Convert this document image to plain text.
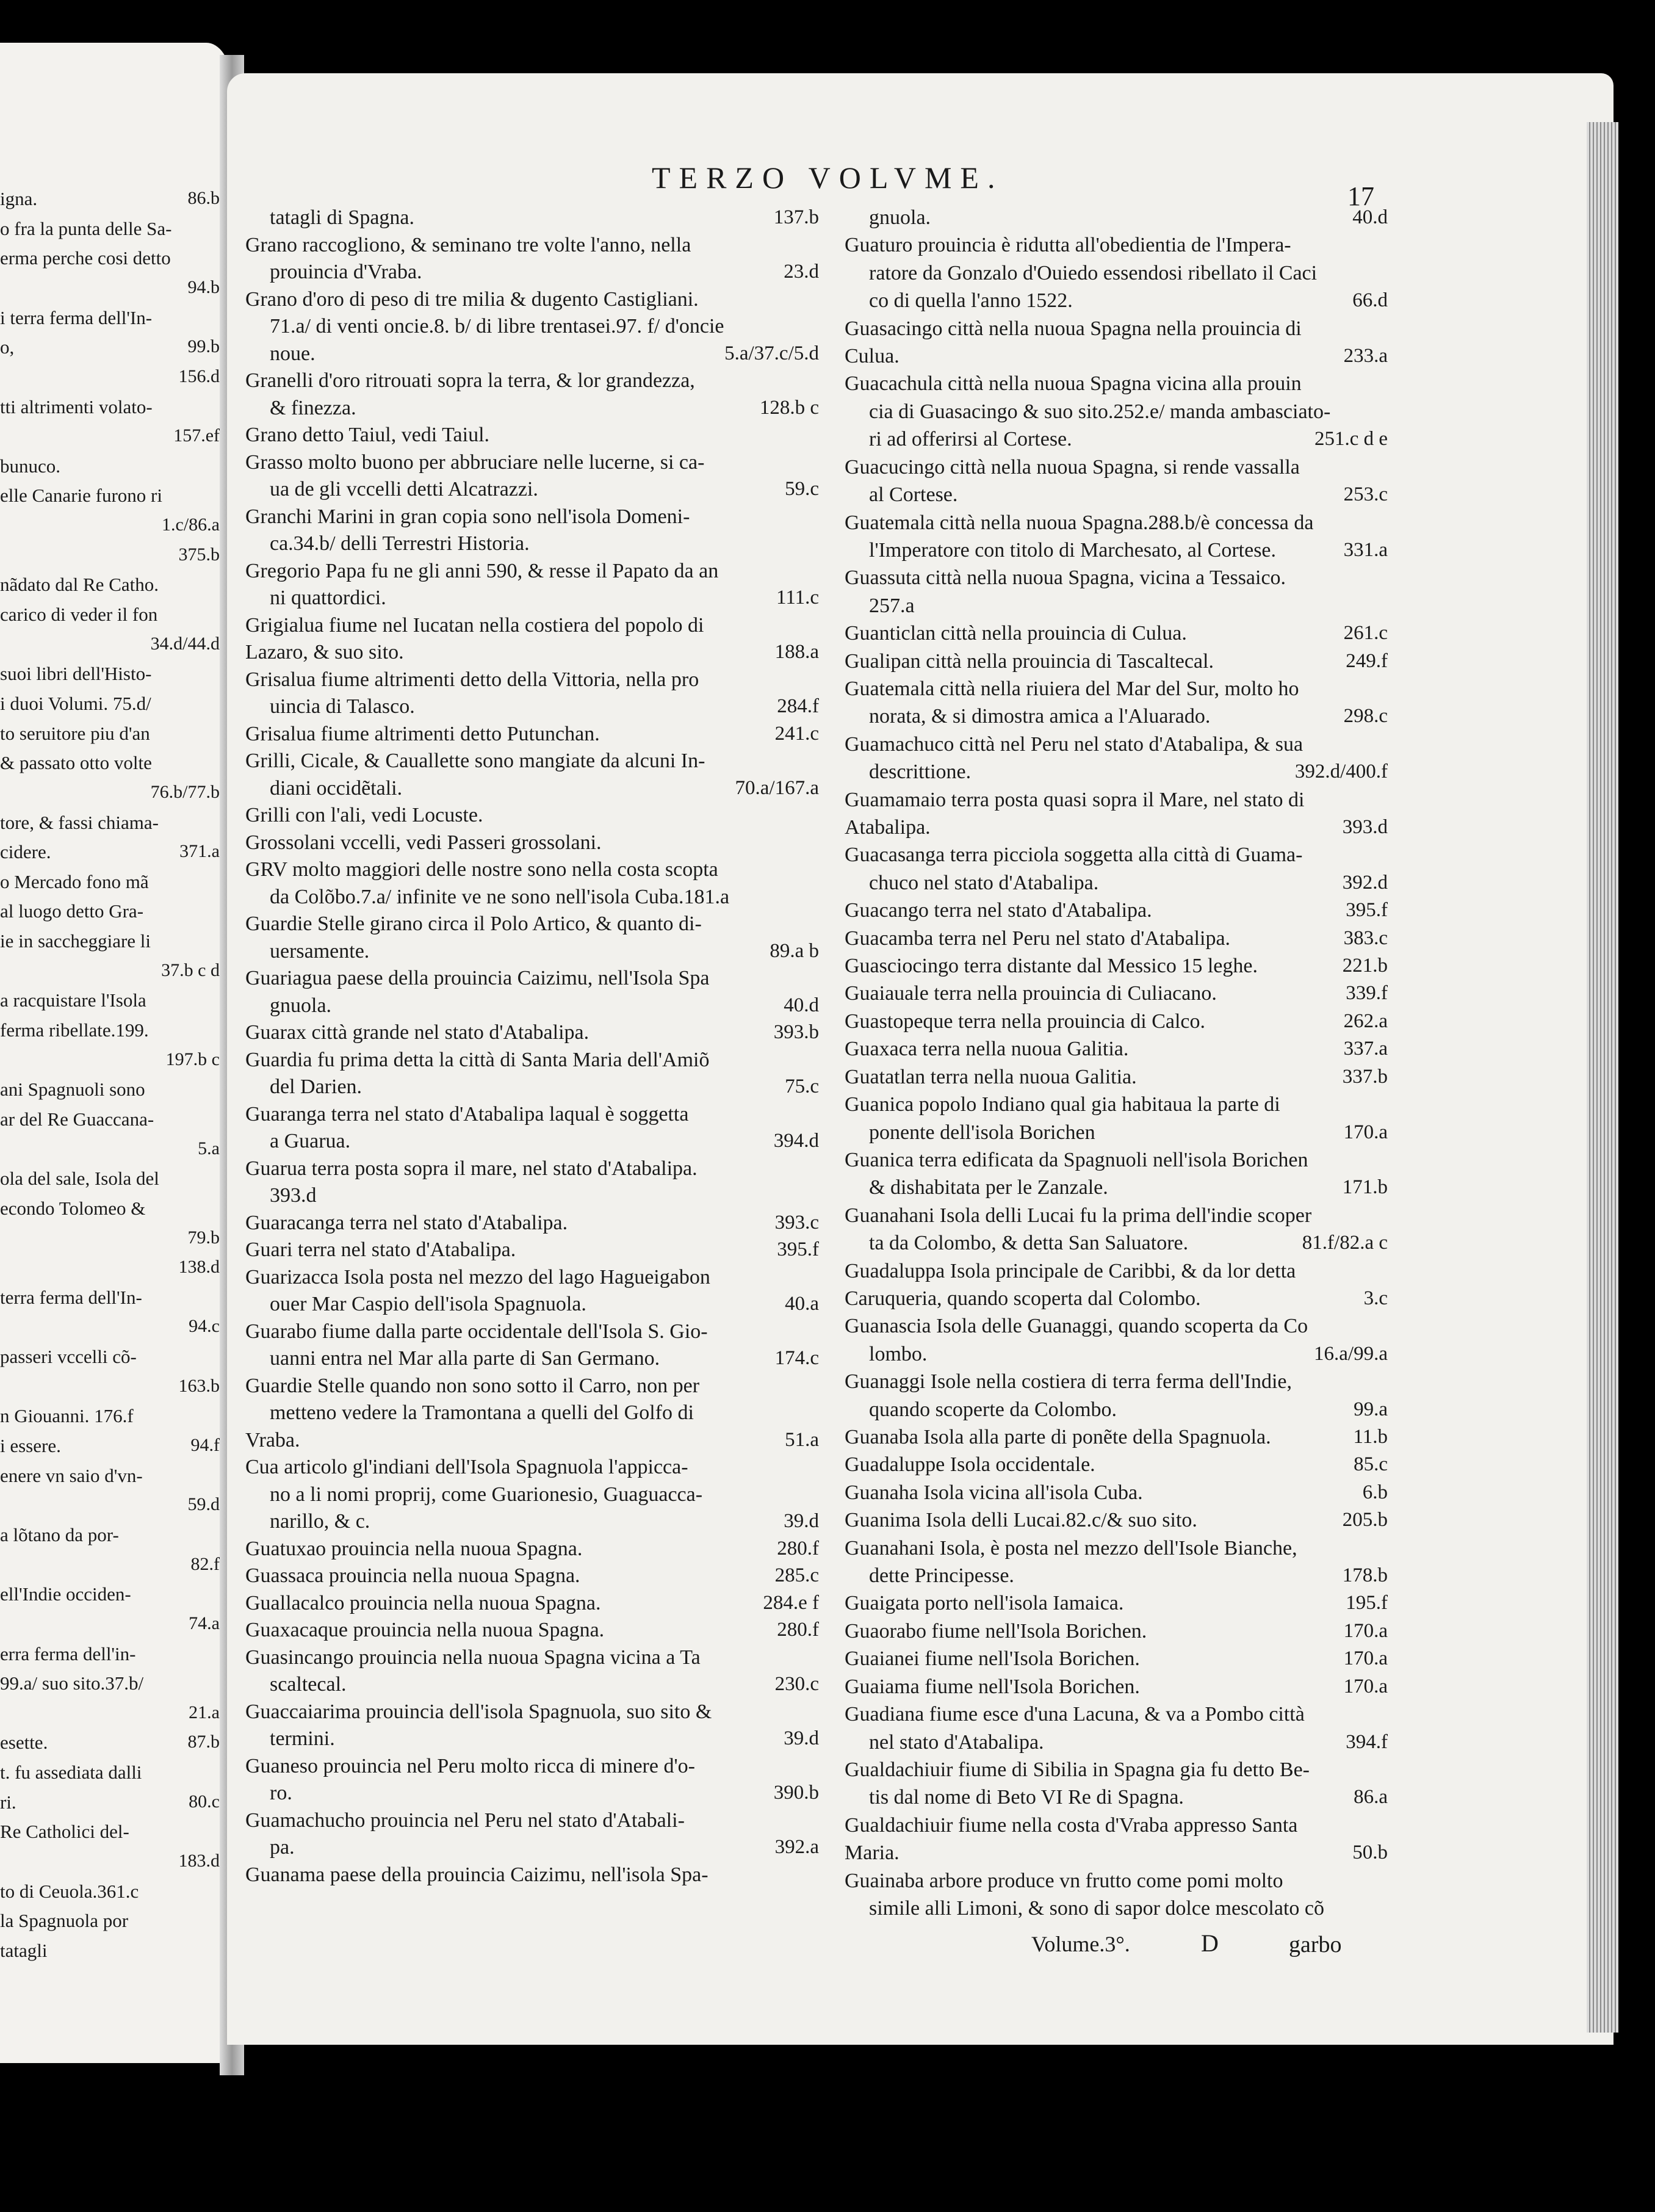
igna.	86.b
o fra la punta delle Sa-
erma perche cosi detto
94.b
i terra ferma dell'In-
o,	99.b
156.d
tti altrimenti volato-
157.ef
bunuco.
elle Canarie furono ri
1.c/86.a
375.b
nãdato dal Re Catho.
carico di veder il fon
34.d/44.d
suoi libri dell'Histo-
i duoi Volumi. 75.d/
to seruitore piu d'an
& passato otto volte
76.b/77.b
tore, & fassi chiama-
cidere.	371.a
o Mercado fono mã
al luogo detto Gra-
ie in saccheggiare li
37.b c d
a racquistare l'Isola
ferma ribellate.199.
197.b c
ani Spagnuoli sono
ar del Re Guaccana-
5.a
ola del sale, Isola del
econdo Tolomeo &
79.b
138.d
terra ferma dell'In-
94.c
passeri vccelli cõ-
163.b
n Giouanni. 176.f
i essere.	94.f
enere vn saio d'vn-
59.d
a lõtano da por-
82.f
ell'Indie occiden-
74.a
erra ferma dell'in-
99.a/ suo sito.37.b/
21.a
esette.	87.b
t. fu assediata dalli
ri.	80.c
Re Catholici del-
183.d
to di Ceuola.361.c
la Spagnuola por
tatagli
TERZO VOLVME.
17
tatagli di Spagna.	137.b
Grano raccogliono, & seminano tre volte l'anno, nella
prouincia d'Vraba.	23.d
Grano d'oro di peso di tre milia & dugento Castigliani.
71.a/ di venti oncie.8. b/ di libre trentasei.97. f/ d'oncie
noue.	5.a/37.c/5.d
Granelli d'oro ritrouati sopra la terra, & lor grandezza,
& finezza.	128.b c
Grano detto Taiul, vedi Taiul.
Grasso molto buono per abbruciare nelle lucerne, si ca-
ua de gli vccelli detti Alcatrazzi.	59.c
Granchi Marini in gran copia sono nell'isola Domeni-
ca.34.b/ delli Terrestri Historia.
Gregorio Papa fu ne gli anni 590, & resse il Papato da an
ni quattordici.	111.c
Grigialua fiume nel Iucatan nella costiera del popolo di
Lazaro, & suo sito.	188.a
Grisalua fiume altrimenti detto della Vittoria, nella pro
uincia di Talasco.	284.f
Grisalua fiume altrimenti detto Putunchan.	241.c
Grilli, Cicale, & Cauallette sono mangiate da alcuni In-
diani occidẽtali.	70.a/167.a
Grilli con l'ali, vedi Locuste.
Grossolani vccelli, vedi Passeri grossolani.
GRV molto maggiori delle nostre sono nella costa scopta
da Colõbo.7.a/ infinite ve ne sono nell'isola Cuba.181.a
Guardie Stelle girano circa il Polo Artico, & quanto di-
uersamente.	89.a b
Guariagua paese della prouincia Caizimu, nell'Isola Spa
gnuola.	40.d
Guarax città grande nel stato d'Atabalipa.	393.b
Guardia fu prima detta la città di Santa Maria dell'Amiõ
del Darien.	75.c
Guaranga terra nel stato d'Atabalipa laqual è soggetta
a Guarua.	394.d
Guarua terra posta sopra il mare, nel stato d'Atabalipa.
393.d
Guaracanga terra nel stato d'Atabalipa.	393.c
Guari terra nel stato d'Atabalipa.	395.f
Guarizacca Isola posta nel mezzo del lago Hagueigabon
ouer Mar Caspio dell'isola Spagnuola.	40.a
Guarabo fiume dalla parte occidentale dell'Isola S. Gio-
uanni entra nel Mar alla parte di San Germano.	174.c
Guardie Stelle quando non sono sotto il Carro, non per
metteno vedere la Tramontana a quelli del Golfo di
Vraba.	51.a
Cua articolo gl'indiani dell'Isola Spagnuola l'appicca-
no a li nomi proprij, come Guarionesio, Guaguacca-
narillo, & c.	39.d
Guatuxao prouincia nella nuoua Spagna.	280.f
Guassaca prouincia nella nuoua Spagna.	285.c
Guallacalco prouincia nella nuoua Spagna.	284.e f
Guaxacaque prouincia nella nuoua Spagna.	280.f
Guasincango prouincia nella nuoua Spagna vicina a Ta
scaltecal.	230.c
Guaccaiarima prouincia dell'isola Spagnuola, suo sito &
termini.	39.d
Guaneso prouincia nel Peru molto ricca di minere d'o-
ro.	390.b
Guamachucho prouincia nel Peru nel stato d'Atabali-
pa.	392.a
Guanama paese della prouincia Caizimu, nell'isola Spa-
gnuola.	40.d
Guaturo prouincia è ridutta all'obedientia de l'Impera-
ratore da Gonzalo d'Ouiedo essendosi ribellato il Caci
co di quella l'anno 1522.	66.d
Guasacingo città nella nuoua Spagna nella prouincia di
Culua.	233.a
Guacachula città nella nuoua Spagna vicina alla prouin
cia di Guasacingo & suo sito.252.e/ manda ambasciato-
ri ad offerirsi al Cortese.	251.c d e
Guacucingo città nella nuoua Spagna, si rende vassalla
al Cortese.	253.c
Guatemala città nella nuoua Spagna.288.b/è concessa da
l'Imperatore con titolo di Marchesato, al Cortese.	331.a
Guassuta città nella nuoua Spagna, vicina a Tessaico.
257.a
Guanticlan città nella prouincia di Culua.	261.c
Gualipan città nella prouincia di Tascaltecal.	249.f
Guatemala città nella riuiera del Mar del Sur, molto ho
norata, & si dimostra amica a l'Aluarado.	298.c
Guamachuco città nel Peru nel stato d'Atabalipa, & sua
descrittione.	392.d/400.f
Guamamaio terra posta quasi sopra il Mare, nel stato di
Atabalipa.	393.d
Guacasanga terra picciola soggetta alla città di Guama-
chuco nel stato d'Atabalipa.	392.d
Guacango terra nel stato d'Atabalipa.	395.f
Guacamba terra nel Peru nel stato d'Atabalipa.	383.c
Guasciocingo terra distante dal Messico 15 leghe.	221.b
Guaiauale terra nella prouincia di Culiacano.	339.f
Guastopeque terra nella prouincia di Calco.	262.a
Guaxaca terra nella nuoua Galitia.	337.a
Guatatlan terra nella nuoua Galitia.	337.b
Guanica popolo Indiano qual gia habitaua la parte di
ponente dell'isola Borichen	170.a
Guanica terra edificata da Spagnuoli nell'isola Borichen
& dishabitata per le Zanzale.	171.b
Guanahani Isola delli Lucai fu la prima dell'indie scoper
ta da Colombo, & detta San Saluatore.	81.f/82.a c
Guadaluppa Isola principale de Caribbi, & da lor detta
Caruqueria, quando scoperta dal Colombo.	3.c
Guanascia Isola delle Guanaggi, quando scoperta da Co
lombo.	16.a/99.a
Guanaggi Isole nella costiera di terra ferma dell'Indie,
quando scoperte da Colombo.	99.a
Guanaba Isola alla parte di ponẽte della Spagnuola.	11.b
Guadaluppe Isola occidentale.	85.c
Guanaha Isola vicina all'isola Cuba.	6.b
Guanima Isola delli Lucai.82.c/& suo sito.	205.b
Guanahani Isola, è posta nel mezzo dell'Isole Bianche,
dette Principesse.	178.b
Guaigata porto nell'isola Iamaica.	195.f
Guaorabo fiume nell'Isola Borichen.	170.a
Guaianei fiume nell'Isola Borichen.	170.a
Guaiama fiume nell'Isola Borichen.	170.a
Guadiana fiume esce d'una Lacuna, & va a Pombo città
nel stato d'Atabalipa.	394.f
Gualdachiuir fiume di Sibilia in Spagna gia fu detto Be-
tis dal nome di Beto VI Re di Spagna.	86.a
Gualdachiuir fiume nella costa d'Vraba appresso Santa
Maria.	50.b
Guainaba arbore produce vn frutto come pomi molto
simile alli Limoni, & sono di sapor dolce mescolato cõ
Volume.3°.	D	garbo
